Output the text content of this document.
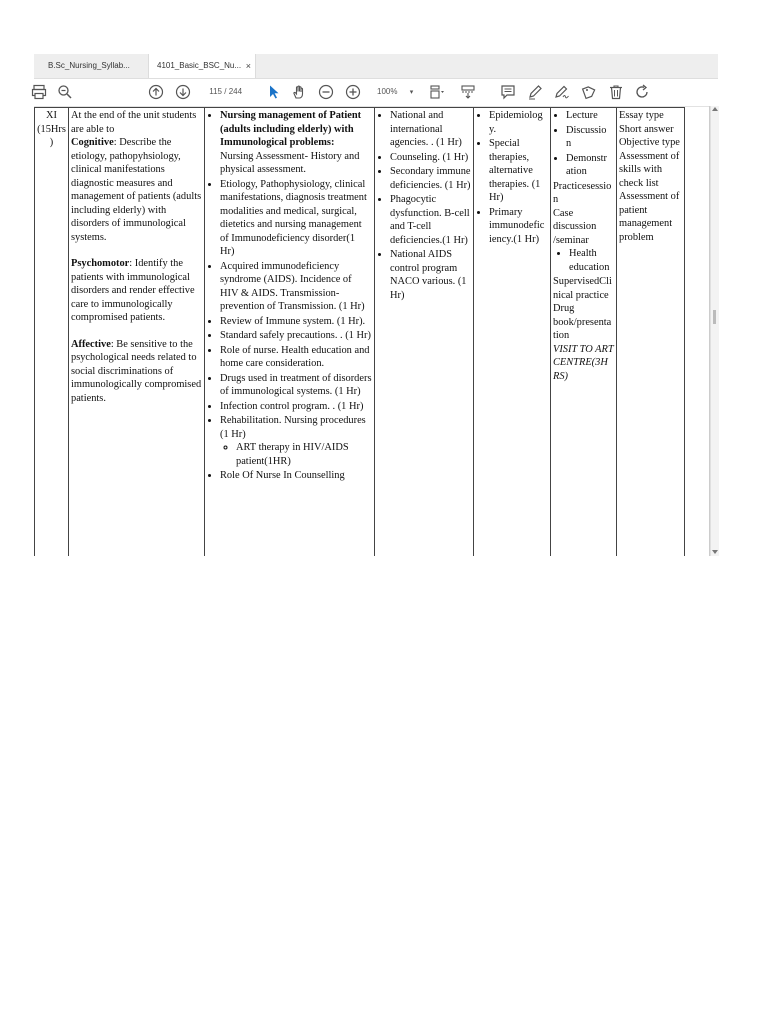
B.Sc_Nursing_Syllab...	4101_Basic_BSC_Nu... ×
115 / 244	100% ▾
XI
(15Hrs
)

At the end of the unit students are able to
Cognitive: Describe the etiology, pathopyhsiology, clinical manifestations diagnostic measures and management of patients (adults including elderly) with disorders of immunological systems.
Psychomotor: Identify the patients with immunological disorders and render effective care to immunologically compromised patients.
Affective: Be sensitive to the psychological needs related to social discriminations of immunologically compromised patients.

• Nursing management of Patient (adults including elderly) with Immunological problems:
Nursing Assessment- History and physical assessment.
• Etiology, Pathophysiology, clinical manifestations, diagnosis treatment modalities and medical, surgical, dietetics and nursing management of Immunodeficiency disorder(1 Hr)
• Acquired immunodeficiency syndrome (AIDS). Incidence of HIV & AIDS. Transmission-prevention of Transmission. (1 Hr)
• Review of Immune system. (1 Hr).
• Standard safely precautions. . (1 Hr)
• Role of nurse. Health education and home care consideration.
• Drugs used in treatment of disorders of immunological systems. (1 Hr)
• Infection control program. . (1 Hr)
• Rehabilitation. Nursing procedures (1 Hr)
◦ ART therapy in HIV/AIDS patient(1HR)
• Role Of Nurse In Counselling

• National and international agencies. . (1 Hr)
• Counseling. (1 Hr)
• Secondary immune deficiencies. (1 Hr)
• Phagocytic dysfunction. B-cell and T-cell deficiencies.(1 Hr)
• National AIDS control program NACO various. (1 Hr)

• Epidemiolog y.
• Special therapies, alternative therapies. (1 Hr)
• Primary immunodefic iency.(1 Hr)

• Lecture
• Discussio n
• Demonstr ation
Practicesessio n
Case discussion /seminar
• Health education
SupervisedCli nical practice
Drug book/presenta tion
VISIT TO ART CENTRE(3H RS)

Essay type Short answer Objective type Assessment of skills with check list Assessment of patient management problem
